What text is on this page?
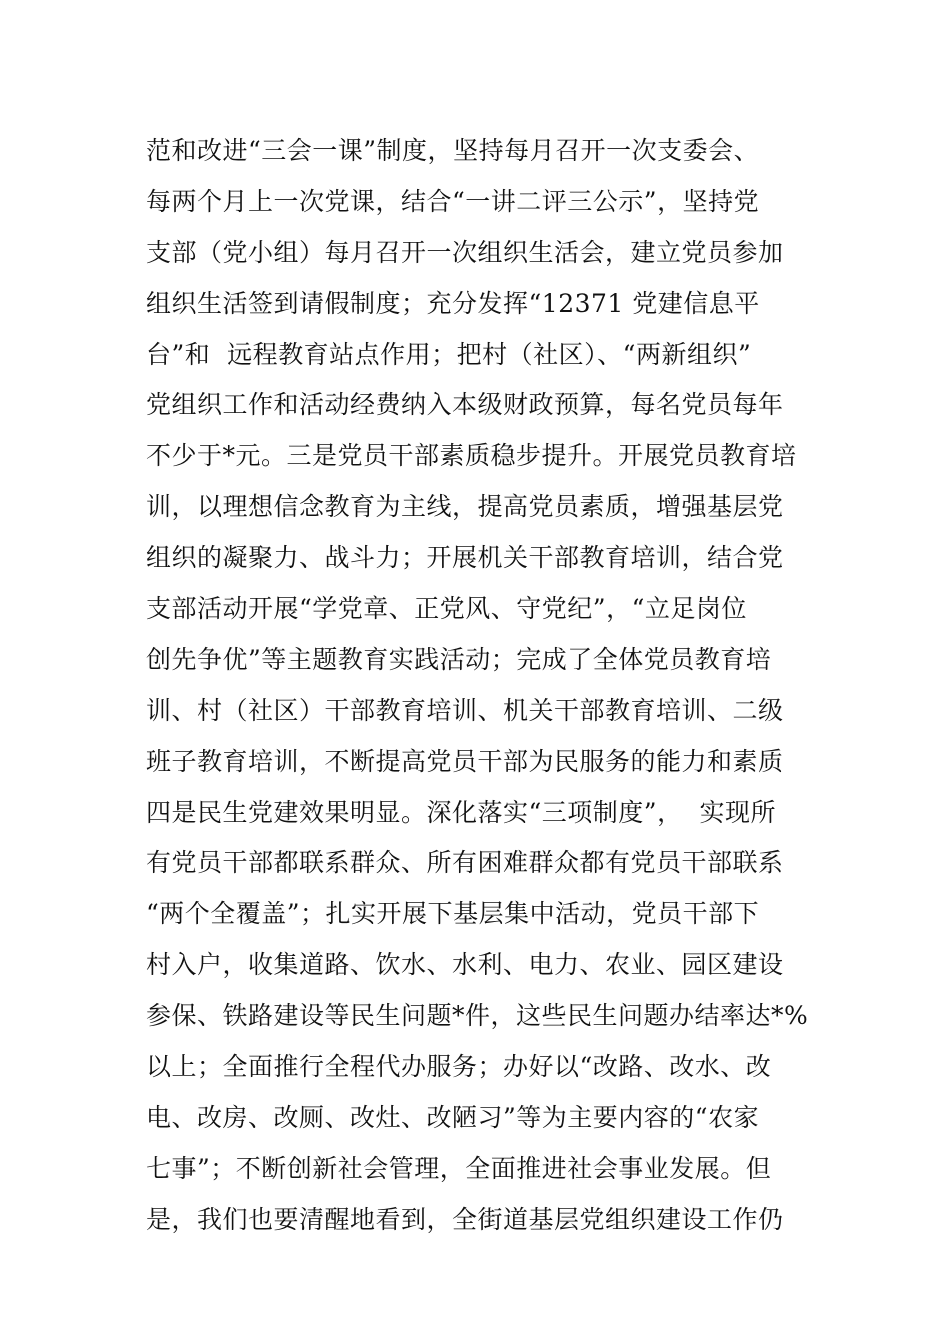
范和改进“三会一课”制度，坚持每月召开一次支委会、
每两个月上一次党课，结合“一讲二评三公示”，坚持党
支部（党小组）每月召开一次组织生活会，建立党员参加
组织生活签到请假制度；充分发挥“12371 党建信息平
台”和  远程教育站点作用；把村（社区）、“两新组织”
党组织工作和活动经费纳入本级财政预算，每名党员每年
不少于*元。三是党员干部素质稳步提升。开展党员教育培
训，以理想信念教育为主线，提高党员素质，增强基层党
组织的凝聚力、战斗力；开展机关干部教育培训，结合党
支部活动开展“学党章、正党风、守党纪”，“立足岗位
创先争优”等主题教育实践活动；完成了全体党员教育培
训、村（社区）干部教育培训、机关干部教育培训、二级
班子教育培训，不断提高党员干部为民服务的能力和素质
四是民生党建效果明显。深化落实“三项制度”，  实现所
有党员干部都联系群众、所有困难群众都有党员干部联系
“两个全覆盖”；扎实开展下基层集中活动，党员干部下
村入户，收集道路、饮水、水利、电力、农业、园区建设
参保、铁路建设等民生问题*件，这些民生问题办结率达*%
以上；全面推行全程代办服务；办好以“改路、改水、改
电、改房、改厕、改灶、改陋习”等为主要内容的“农家
七事”；不断创新社会管理，全面推进社会事业发展。但
是，我们也要清醒地看到，全街道基层党组织建设工作仍
